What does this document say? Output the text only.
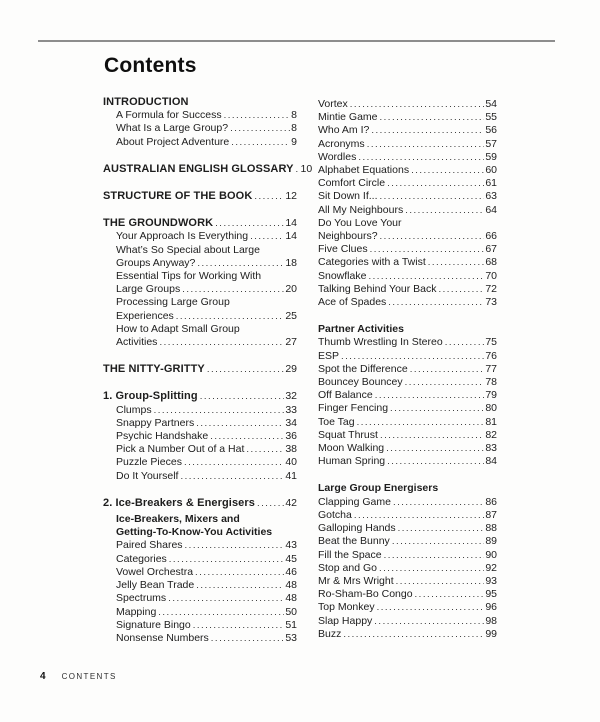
Contents
INTRODUCTION
A Formula for Success .....	8
What Is a Large Group? .....	8
About Project Adventure .....	9
AUSTRALIAN ENGLISH GLOSSARY ..... 10
STRUCTURE OF THE BOOK .....	12
THE GROUNDWORK .....	14
Your Approach Is Everything .....	14
What’s So Special about Large
Groups Anyway? .....	18
Essential Tips for Working With
Large Groups .....	20
Processing Large Group
Experiences .....	25
How to Adapt Small Group
Activities .....	27
THE NITTY-GRITTY .....	29
1. Group-Splitting .....	32
Clumps .....	33
Snappy Partners .....	34
Psychic Handshake .....	36
Pick a Number Out of a Hat .....	38
Puzzle Pieces .....	40
Do It Yourself .....	41
2. Ice-Breakers & Energisers .....	42
Ice-Breakers, Mixers and
Getting-To-Know-You Activities
Paired Shares .....	43
Categories .....	45
Vowel Orchestra .....	46
Jelly Bean Trade .....	48
Spectrums .....	48
Mapping .....	50
Signature Bingo .....	51
Nonsense Numbers .....	53
Vortex .....	54
Mintie Game .....	55
Who Am I? .....	56
Acronyms .....	57
Wordles .....	59
Alphabet Equations .....	60
Comfort Circle .....	61
Sit Down If... .....	63
All My Neighbours .....	64
Do You Love Your
Neighbours? .....	66
Five Clues .....	67
Categories with a Twist .....	68
Snowflake .....	70
Talking Behind Your Back .....	72
Ace of Spades .....	73
Partner Activities
Thumb Wrestling In Stereo .....	75
ESP .....	76
Spot the Difference .....	77
Bouncey Bouncey .....	78
Off Balance .....	79
Finger Fencing .....	80
Toe Tag .....	81
Squat Thrust .....	82
Moon Walking .....	83
Human Spring .....	84
Large Group Energisers
Clapping Game .....	86
Gotcha .....	87
Galloping Hands .....	88
Beat the Bunny .....	89
Fill the Space .....	90
Stop and Go .....	92
Mr & Mrs Wright .....	93
Ro-Sham-Bo Congo .....	95
Top Monkey .....	96
Slap Happy .....	98
Buzz .....	99
4 CONTENTS
